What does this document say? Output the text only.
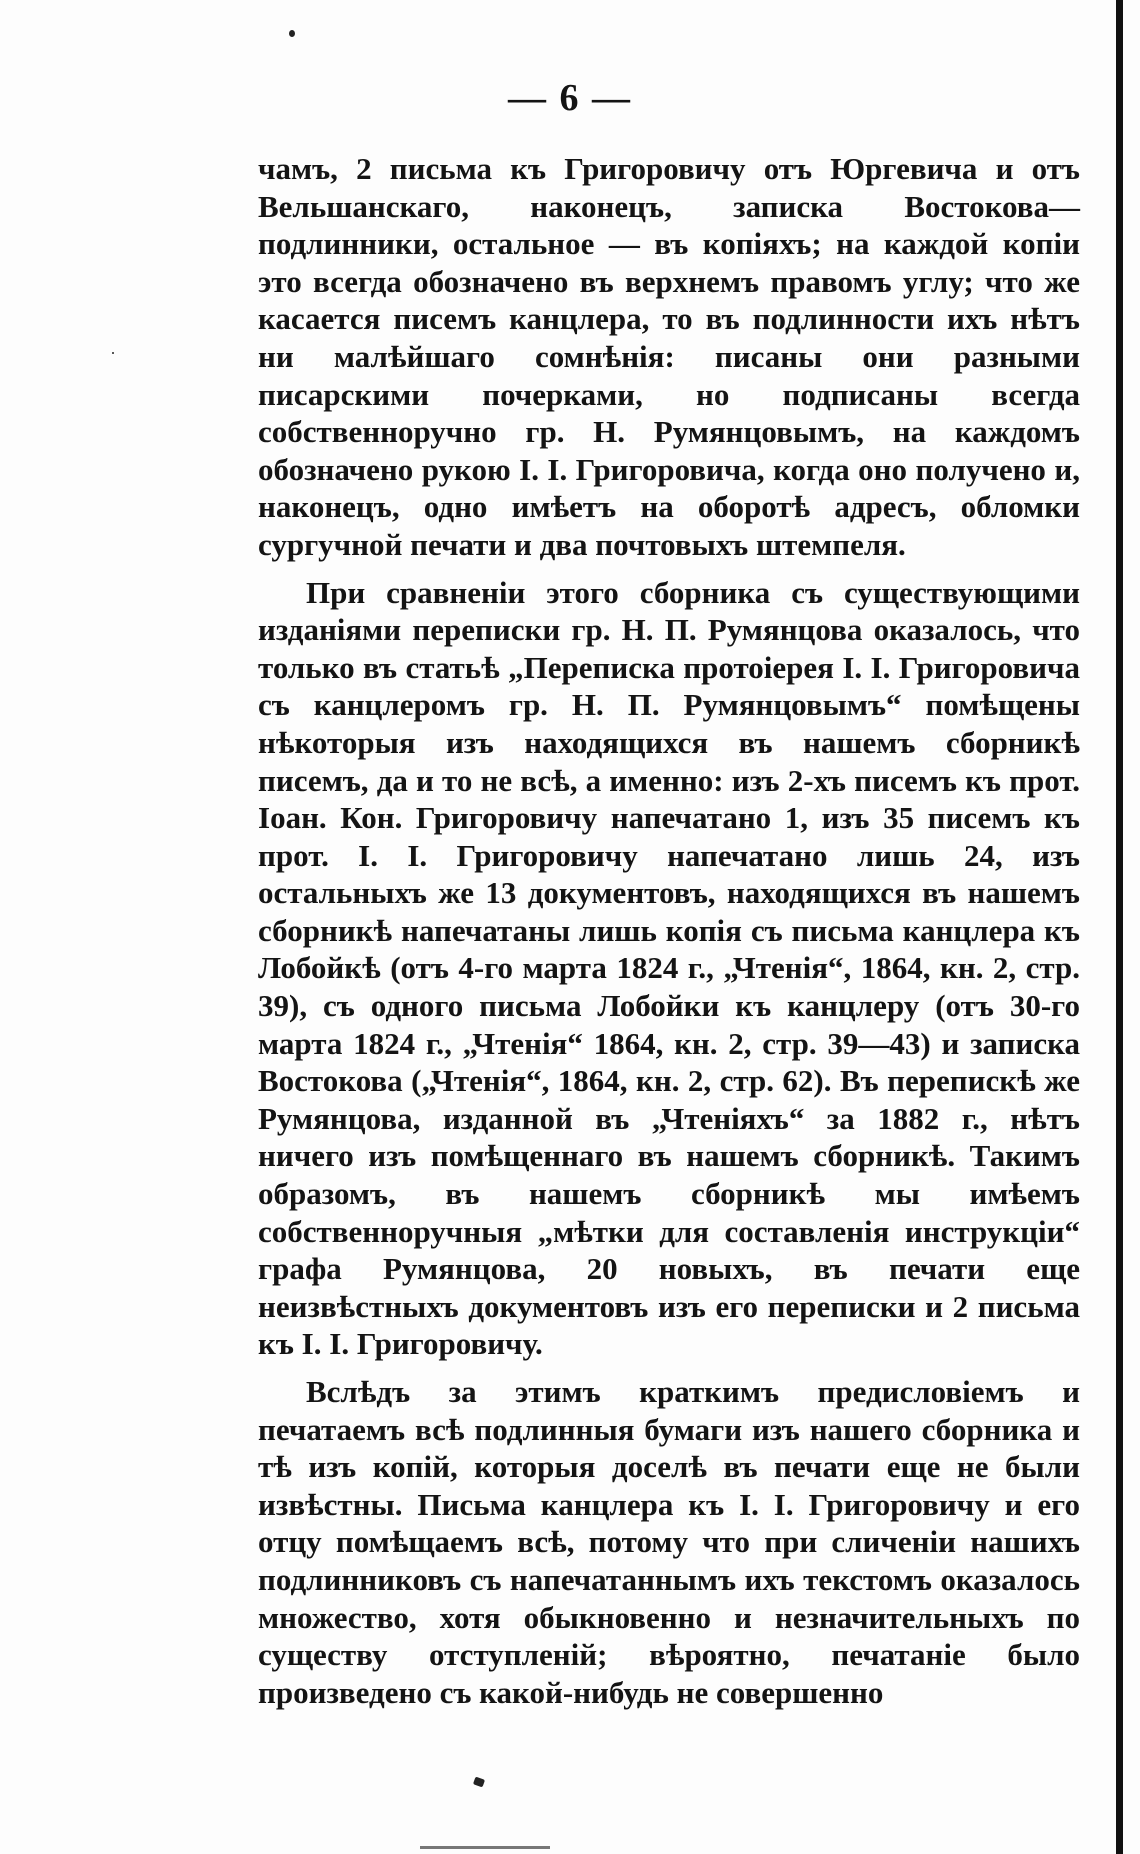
— 6 —

чамъ, 2 письма къ Григоровичу отъ Юргевича и отъ Вельшанскаго, наконецъ, записка Востокова—подлинники, остальное — въ копіяхъ; на каждой копіи это всегда обозначено въ верхнемъ правомъ углу; что же касается писемъ канцлера, то въ подлинности ихъ нѣтъ ни малѣйшаго сомнѣнія: писаны они разными писарскими почерками, но подписаны всегда собственноручно гр. Н. Румянцовымъ, на каждомъ обозначено рукою І. І. Григоровича, когда оно получено и, наконецъ, одно имѣетъ на оборотѣ адресъ, обломки сургучной печати и два почтовыхъ штемпеля.

При сравненіи этого сборника съ существующими изданіями переписки гр. Н. П. Румянцова оказалось, что только въ статьѣ „Переписка протоіерея І. І. Григоровича съ канцлеромъ гр. Н. П. Румянцовымъ“ помѣщены нѣкоторыя изъ находящихся въ нашемъ сборникѣ писемъ, да и то не всѣ, а именно: изъ 2-хъ писемъ къ прот. Іоан. Кон. Григоровичу напечатано 1, изъ 35 писемъ къ прот. І. І. Григоровичу напечатано лишь 24, изъ остальныхъ же 13 документовъ, находящихся въ нашемъ сборникѣ напечатаны лишь копія съ письма канцлера къ Лобойкѣ (отъ 4-го марта 1824 г., „Чтенія“, 1864, кн. 2, стр. 39), съ одного письма Лобойки къ канцлеру (отъ 30-го марта 1824 г., „Чтенія“ 1864, кн. 2, стр. 39—43) и записка Востокова („Чтенія“, 1864, кн. 2, стр. 62). Въ перепискѣ же Румянцова, изданной въ „Чтеніяхъ“ за 1882 г., нѣтъ ничего изъ помѣщеннаго въ нашемъ сборникѣ. Такимъ образомъ, въ нашемъ сборникѣ мы имѣемъ собственноручныя „мѣтки для составленія инструкціи“ графа Румянцова, 20 новыхъ, въ печати еще неизвѣстныхъ документовъ изъ его переписки и 2 письма къ І. І. Григоровичу.

Вслѣдъ за этимъ краткимъ предисловіемъ и печатаемъ всѣ подлинныя бумаги изъ нашего сборника и тѣ изъ копій, которыя доселѣ въ печати еще не были извѣстны. Письма канцлера къ І. І. Григоровичу и его отцу помѣщаемъ всѣ, потому что при сличеніи нашихъ подлинниковъ съ напечатаннымъ ихъ текстомъ оказалось множество, хотя обыкновенно и незначительныхъ по существу отступленій; вѣроятно, печатаніе было произведено съ какой-нибудь не совершенно
